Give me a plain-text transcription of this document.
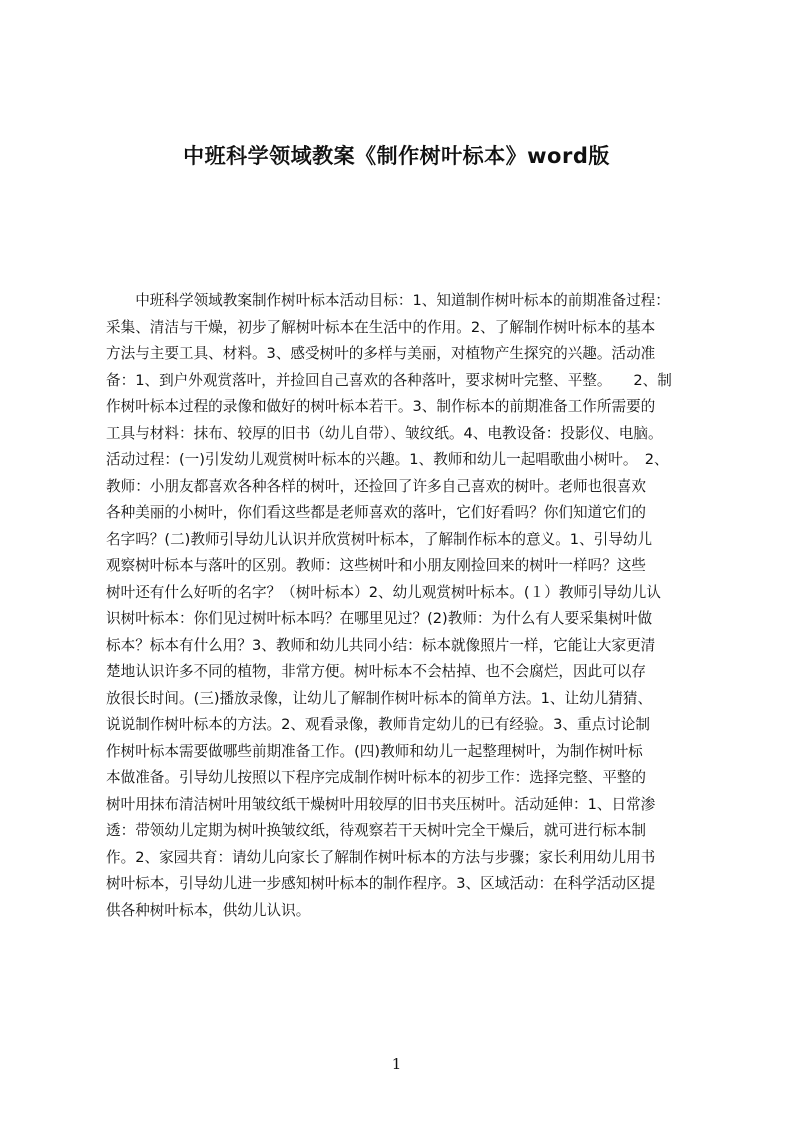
中班科学领域教案《制作树叶标本》word版
　　中班科学领域教案制作树叶标本活动目标：1、知道制作树叶标本的前期准备过程：
采集、清洁与干燥，初步了解树叶标本在生活中的作用。2、了解制作树叶标本的基本
方法与主要工具、材料。3、感受树叶的多样与美丽，对植物产生探究的兴趣。活动准
备：1、到户外观赏落叶，并捡回自己喜欢的各种落叶，要求树叶完整、平整。　　2、制
作树叶标本过程的录像和做好的树叶标本若干。3、制作标本的前期准备工作所需要的
工具与材料：抹布、较厚的旧书（幼儿自带）、皱纹纸。4、电教设备：投影仪、电脑。
活动过程：(一)引发幼儿观赏树叶标本的兴趣。1、教师和幼儿一起唱歌曲小树叶。　2、
教师：小朋友都喜欢各种各样的树叶，还捡回了许多自己喜欢的树叶。老师也很喜欢
各种美丽的小树叶，你们看这些都是老师喜欢的落叶，它们好看吗？你们知道它们的
名字吗？(二)教师引导幼儿认识并欣赏树叶标本，了解制作标本的意义。1、引导幼儿
观察树叶标本与落叶的区别。教师：这些树叶和小朋友刚捡回来的树叶一样吗？这些
树叶还有什么好听的名字？（树叶标本）2、幼儿观赏树叶标本。(１）教师引导幼儿认
识树叶标本：你们见过树叶标本吗？在哪里见过？(2)教师：为什么有人要采集树叶做
标本？标本有什么用？3、教师和幼儿共同小结：标本就像照片一样，它能让大家更清
楚地认识许多不同的植物，非常方便。树叶标本不会枯掉、也不会腐烂，因此可以存
放很长时间。(三)播放录像，让幼儿了解制作树叶标本的简单方法。1、让幼儿猜猜、
说说制作树叶标本的方法。2、观看录像，教师肯定幼儿的已有经验。3、重点讨论制
作树叶标本需要做哪些前期准备工作。(四)教师和幼儿一起整理树叶，为制作树叶标
本做准备。引导幼儿按照以下程序完成制作树叶标本的初步工作：选择完整、平整的
树叶用抹布清洁树叶用皱纹纸干燥树叶用较厚的旧书夹压树叶。活动延伸：1、日常渗
透：带领幼儿定期为树叶换皱纹纸，待观察若干天树叶完全干燥后，就可进行标本制
作。2、家园共育：请幼儿向家长了解制作树叶标本的方法与步骤；家长利用幼儿用书
树叶标本，引导幼儿进一步感知树叶标本的制作程序。3、区域活动：在科学活动区提
供各种树叶标本，供幼儿认识。
1
